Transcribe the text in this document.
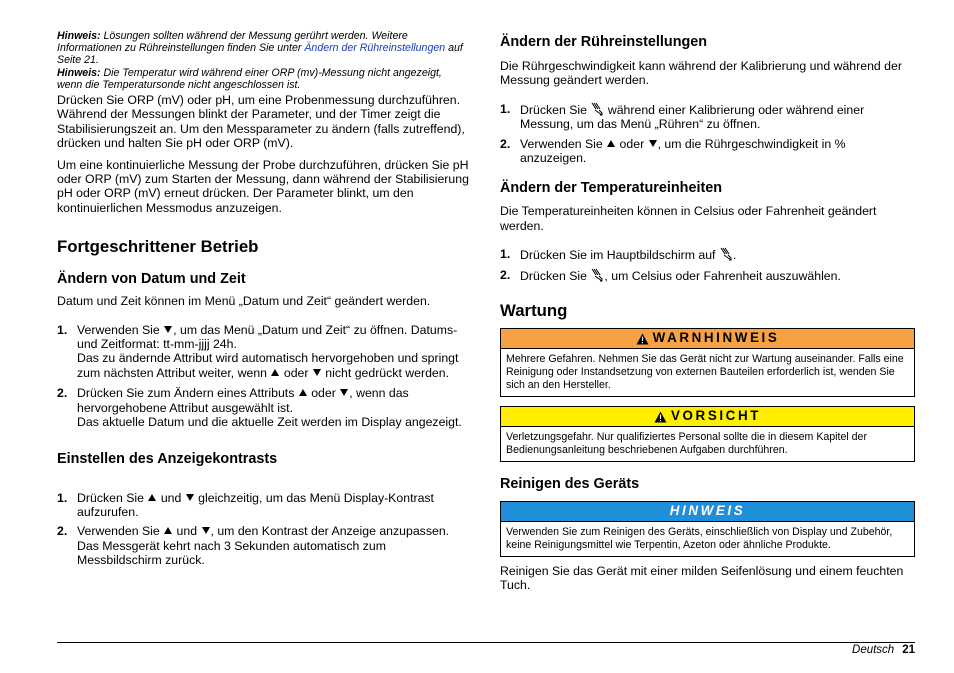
Hinweis: Lösungen sollten während der Messung gerührt werden. Weitere Informationen zu Rühreinstellungen finden Sie unter Ändern der Rühreinstellungen auf Seite 21.

Hinweis: Die Temperatur wird während einer ORP (mv)-Messung nicht angezeigt, wenn die Temperatursonde nicht angeschlossen ist.

Drücken Sie ORP (mV) oder pH, um eine Probenmessung durchzuführen. Während der Messungen blinkt der Parameter, und der Timer zeigt die Stabilisierungszeit an. Um den Messparameter zu ändern (falls zutreffend), drücken und halten Sie pH oder ORP (mV).

Um eine kontinuierliche Messung der Probe durchzuführen, drücken Sie pH oder ORP (mV) zum Starten der Messung, dann während der Stabilisierung pH oder ORP (mV) erneut drücken. Der Parameter blinkt, um den kontinuierlichen Messmodus anzuzeigen.

Fortgeschrittener Betrieb
Ändern von Datum und Zeit

Datum und Zeit können im Menü „Datum und Zeit“ geändert werden.

1. Verwenden Sie , um das Menü „Datum und Zeit“ zu öffnen. Datums- und Zeitformat: tt-mm-jjjj 24h.
Das zu ändernde Attribut wird automatisch hervorgehoben und springt zum nächsten Attribut weiter, wenn  oder  nicht gedrückt werden.
2. Drücken Sie zum Ändern eines Attributs  oder , wenn das hervorgehobene Attribut ausgewählt ist.
Das aktuelle Datum und die aktuelle Zeit werden im Display angezeigt.
Einstellen des Anzeigekontrasts
1. Drücken Sie  und  gleichzeitig, um das Menü Display-Kontrast aufzurufen.
2. Verwenden Sie  und , um den Kontrast der Anzeige anzupassen.
Das Messgerät kehrt nach 3 Sekunden automatisch zum Messbildschirm zurück.
Ändern der Rühreinstellungen

Die Rührgeschwindigkeit kann während der Kalibrierung und während der Messung geändert werden.

1. Drücken Sie  während einer Kalibrierung oder während einer Messung, um das Menü „Rühren“ zu öffnen.
2. Verwenden Sie  oder , um die Rührgeschwindigkeit in % anzuzeigen.
Ändern der Temperatureinheiten

Die Temperatureinheiten können in Celsius oder Fahrenheit geändert werden.

1. Drücken Sie im Hauptbildschirm auf .
2. Drücken Sie , um Celsius oder Fahrenheit auszuwählen.
Wartung
WARNHINWEIS
Mehrere Gefahren. Nehmen Sie das Gerät nicht zur Wartung auseinander. Falls eine Reinigung oder Instandsetzung von externen Bauteilen erforderlich ist, wenden Sie sich an den Hersteller.
VORSICHT
Verletzungsgefahr. Nur qualifiziertes Personal sollte die in diesem Kapitel der Bedienungsanleitung beschriebenen Aufgaben durchführen.
Reinigen des Geräts
HINWEIS
Verwenden Sie zum Reinigen des Geräts, einschließlich von Display und Zubehör, keine Reinigungsmittel wie Terpentin, Azeton oder ähnliche Produkte.

Reinigen Sie das Gerät mit einer milden Seifenlösung und einem feuchten Tuch.

Deutsch 21
